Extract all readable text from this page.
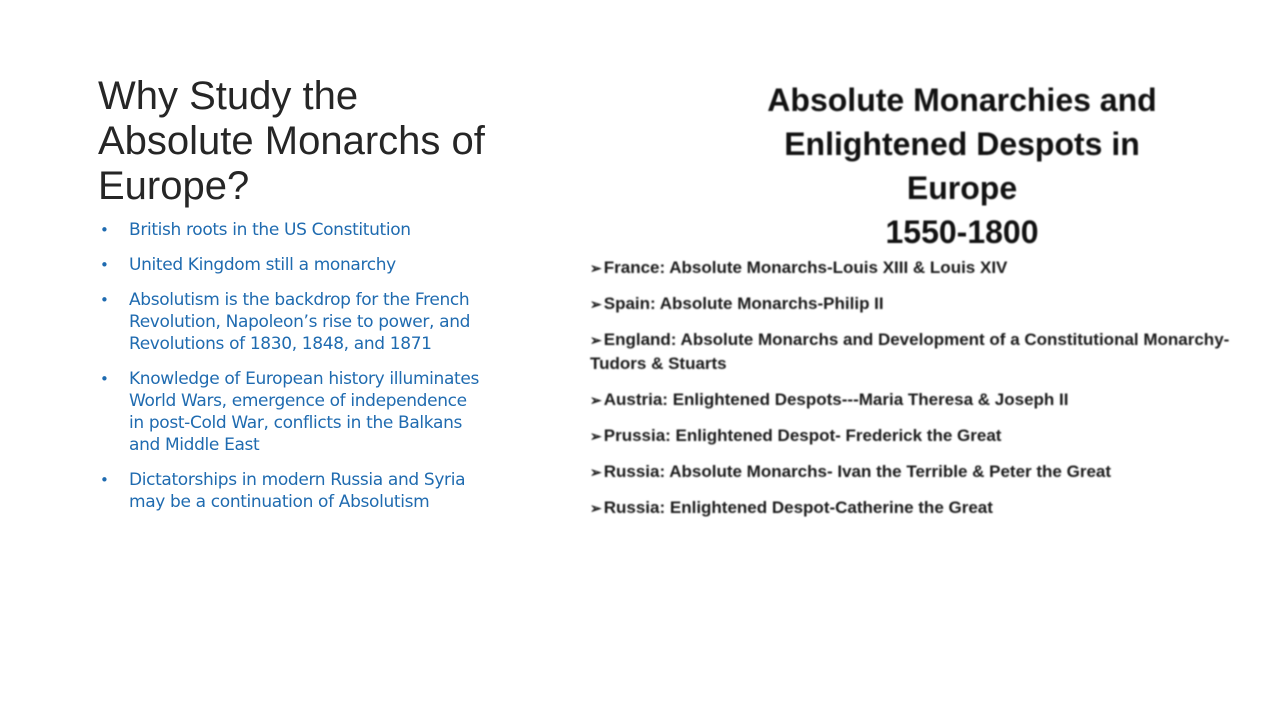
Why Study the Absolute Monarchs of Europe?
• British roots in the US Constitution
• United Kingdom still a monarchy
• Absolutism is the backdrop for the French Revolution, Napoleon’s rise to power, and Revolutions of 1830, 1848, and 1871
• Knowledge of European history illuminates World Wars, emergence of independence in post-Cold War, conflicts in the Balkans and Middle East
• Dictatorships in modern Russia and Syria may be a continuation of Absolutism
Absolute Monarchies and
Enlightened Despots in
Europe
1550-1800
➢ France: Absolute Monarchs-Louis XIII & Louis XIV
➢ Spain: Absolute Monarchs-Philip II
➢ England: Absolute Monarchs and Development of a Constitutional Monarchy-Tudors & Stuarts
➢ Austria: Enlightened Despots---Maria Theresa & Joseph II
➢ Prussia: Enlightened Despot- Frederick the Great
➢ Russia: Absolute Monarchs- Ivan the Terrible & Peter the Great
➢ Russia: Enlightened Despot-Catherine the Great
